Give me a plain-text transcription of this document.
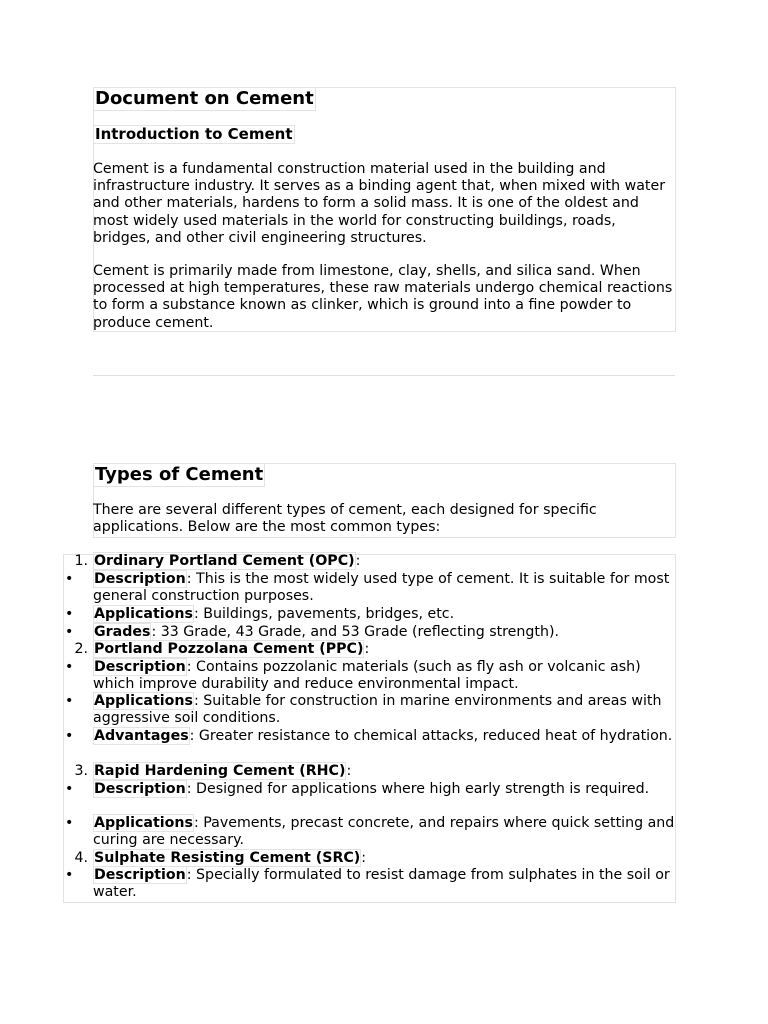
Document on Cement
Introduction to Cement

Cement is a fundamental construction material used in the building and infrastructure industry. It serves as a binding agent that, when mixed with water and other materials, hardens to form a solid mass. It is one of the oldest and most widely used materials in the world for constructing buildings, roads, bridges, and other civil engineering structures.

Cement is primarily made from limestone, clay, shells, and silica sand. When processed at high temperatures, these raw materials undergo chemical reactions to form a substance known as clinker, which is ground into a fine powder to produce cement.

Types of Cement

There are several different types of cement, each designed for specific applications. Below are the most common types:

1. Ordinary Portland Cement (OPC):
•	Description: This is the most widely used type of cement. It is suitable for most general construction purposes.
•	Applications: Buildings, pavements, bridges, etc.
•	Grades: 33 Grade, 43 Grade, and 53 Grade (reflecting strength).
2. Portland Pozzolana Cement (PPC):
•	Description: Contains pozzolanic materials (such as fly ash or volcanic ash) which improve durability and reduce environmental impact.
•	Applications: Suitable for construction in marine environments and areas with aggressive soil conditions.
•	Advantages: Greater resistance to chemical attacks, reduced heat of hydration.
3. Rapid Hardening Cement (RHC):
•	Description: Designed for applications where high early strength is required.
•	Applications: Pavements, precast concrete, and repairs where quick setting and curing are necessary.
4. Sulphate Resisting Cement (SRC):
•	Description: Specially formulated to resist damage from sulphates in the soil or water.
